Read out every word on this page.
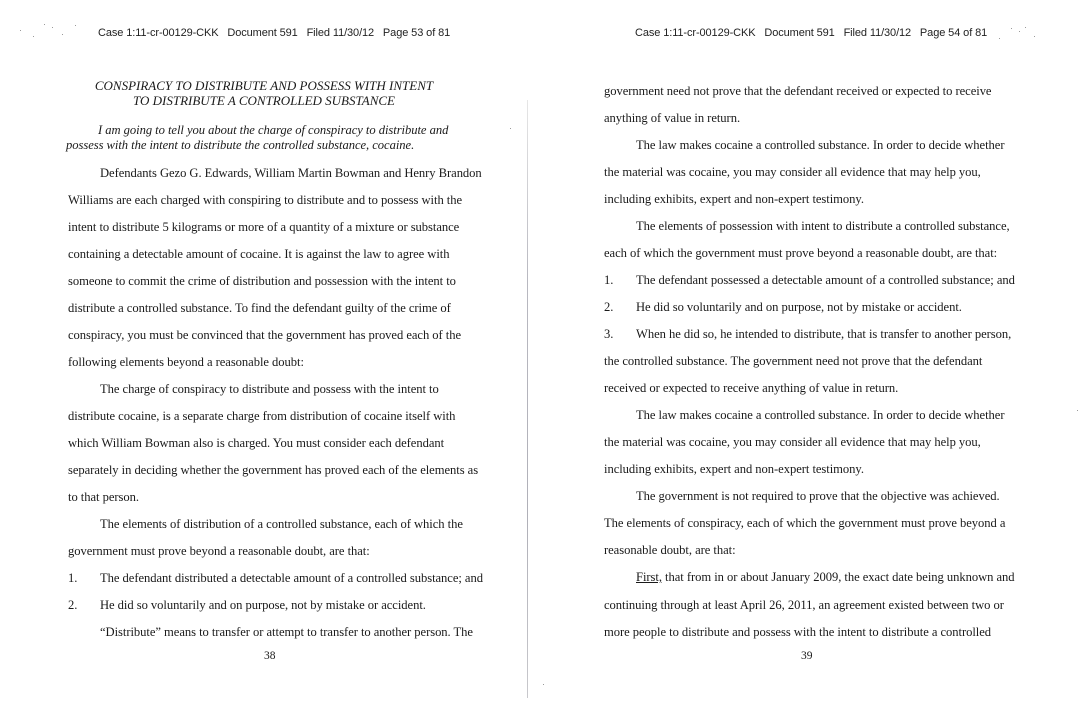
Case 1:11-cr-00129-CKK   Document 591   Filed 11/30/12   Page 53 of 81
CONSPIRACY TO DISTRIBUTE AND POSSESS WITH INTENT
TO DISTRIBUTE A CONTROLLED SUBSTANCE
I am going to tell you about the charge of conspiracy to distribute and
possess with the intent to distribute the controlled substance, cocaine.
Defendants Gezo G. Edwards, William Martin Bowman and Henry Brandon
Williams are each charged with conspiring to distribute and to possess with the
intent to distribute 5 kilograms or more of a quantity of a mixture or substance
containing a detectable amount of cocaine. It is against the law to agree with
someone to commit the crime of distribution and possession with the intent to
distribute a controlled substance. To find the defendant guilty of the crime of
conspiracy, you must be convinced that the government has proved each of the
following elements beyond a reasonable doubt:
The charge of conspiracy to distribute and possess with the intent to
distribute cocaine, is a separate charge from distribution of cocaine itself with
which William Bowman also is charged. You must consider each defendant
separately in deciding whether the government has proved each of the elements as
to that person.
The elements of distribution of a controlled substance, each of which the
government must prove beyond a reasonable doubt, are that:
1. The defendant distributed a detectable amount of a controlled substance; and
2. He did so voluntarily and on purpose, not by mistake or accident.
“Distribute” means to transfer or attempt to transfer to another person. The
38
Case 1:11-cr-00129-CKK   Document 591   Filed 11/30/12   Page 54 of 81
government need not prove that the defendant received or expected to receive
anything of value in return.
The law makes cocaine a controlled substance. In order to decide whether
the material was cocaine, you may consider all evidence that may help you,
including exhibits, expert and non-expert testimony.
The elements of possession with intent to distribute a controlled substance,
each of which the government must prove beyond a reasonable doubt, are that:
1. The defendant possessed a detectable amount of a controlled substance; and
2. He did so voluntarily and on purpose, not by mistake or accident.
3. When he did so, he intended to distribute, that is transfer to another person,
the controlled substance. The government need not prove that the defendant
received or expected to receive anything of value in return.
The law makes cocaine a controlled substance. In order to decide whether
the material was cocaine, you may consider all evidence that may help you,
including exhibits, expert and non-expert testimony.
The government is not required to prove that the objective was achieved.
The elements of conspiracy, each of which the government must prove beyond a
reasonable doubt, are that:
First, that from in or about January 2009, the exact date being unknown and
continuing through at least April 26, 2011, an agreement existed between two or
more people to distribute and possess with the intent to distribute a controlled
39
